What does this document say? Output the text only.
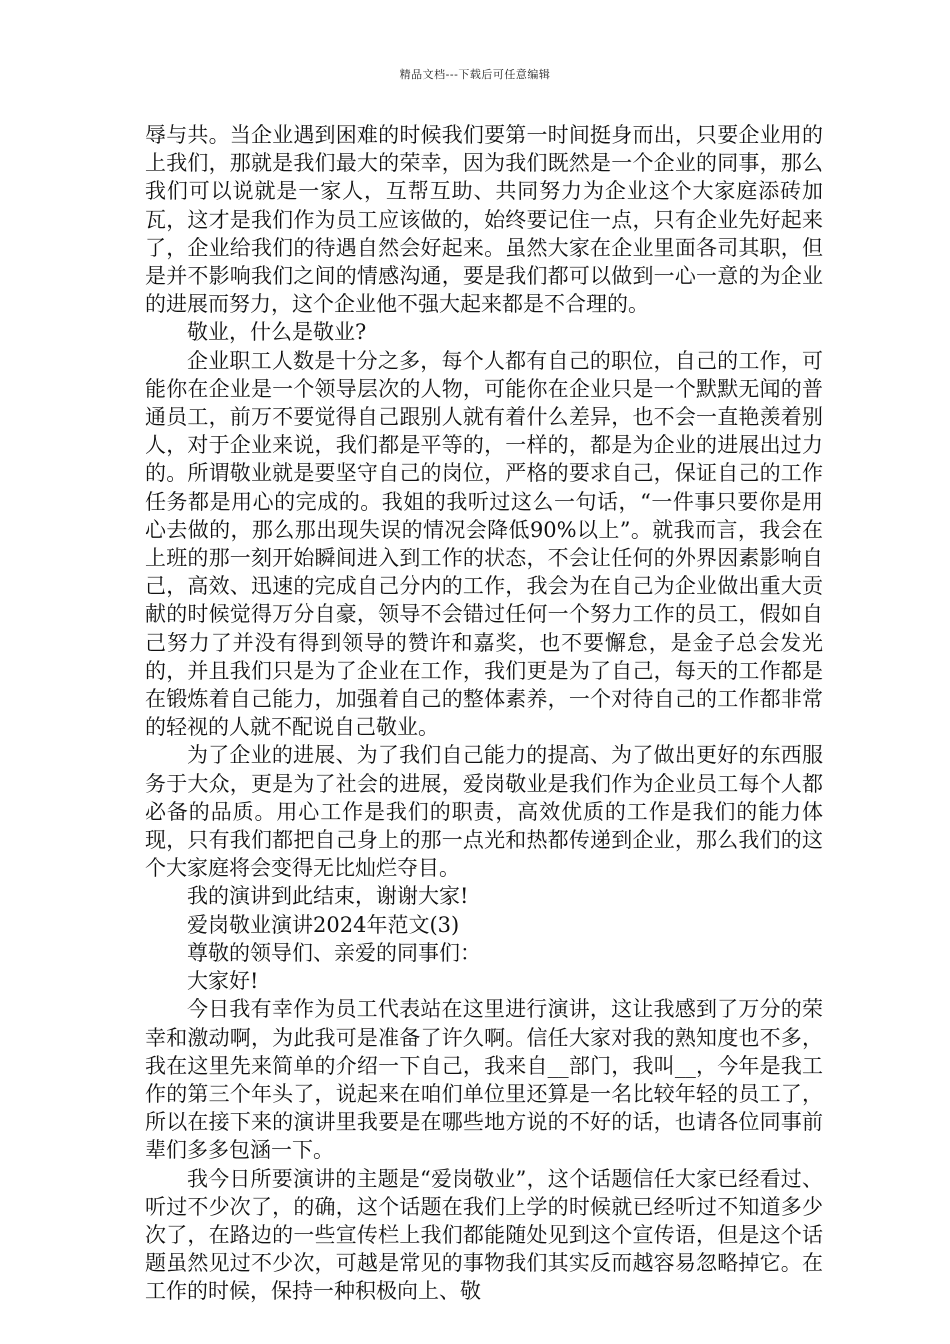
精品文档---下载后可任意编辑

辱与共。当企业遇到困难的时候我们要第一时间挺身而出，只要企业用的上我们，那就是我们最大的荣幸，因为我们既然是一个企业的同事，那么我们可以说就是一家人，互帮互助、共同努力为企业这个大家庭添砖加瓦，这才是我们作为员工应该做的，始终要记住一点，只有企业先好起来了，企业给我们的待遇自然会好起来。虽然大家在企业里面各司其职，但是并不影响我们之间的情感沟通，要是我们都可以做到一心一意的为企业的进展而努力，这个企业他不强大起来都是不合理的。

敬业，什么是敬业?

企业职工人数是十分之多，每个人都有自己的职位，自己的工作，可能你在企业是一个领导层次的人物，可能你在企业只是一个默默无闻的普通员工，前万不要觉得自己跟别人就有着什么差异，也不会一直艳羡着别人，对于企业来说，我们都是平等的，一样的，都是为企业的进展出过力的。所谓敬业就是要坚守自己的岗位，严格的要求自己，保证自己的工作任务都是用心的完成的。我姐的我听过这么一句话，“一件事只要你是用心去做的，那么那出现失误的情况会降低90%以上”。就我而言，我会在上班的那一刻开始瞬间进入到工作的状态，不会让任何的外界因素影响自己，高效、迅速的完成自己分内的工作，我会为在自己为企业做出重大贡献的时候觉得万分自豪，领导不会错过任何一个努力工作的员工，假如自己努力了并没有得到领导的赞许和嘉奖，也不要懈怠，是金子总会发光的，并且我们只是为了企业在工作，我们更是为了自己，每天的工作都是在锻炼着自己能力，加强着自己的整体素养，一个对待自己的工作都非常的轻视的人就不配说自己敬业。

为了企业的进展、为了我们自己能力的提高、为了做出更好的东西服务于大众，更是为了社会的进展，爱岗敬业是我们作为企业员工每个人都必备的品质。用心工作是我们的职责，高效优质的工作是我们的能力体现，只有我们都把自己身上的那一点光和热都传递到企业，那么我们的这个大家庭将会变得无比灿烂夺目。

我的演讲到此结束，谢谢大家!

爱岗敬业演讲2024年范文(3)

尊敬的领导们、亲爱的同事们：

大家好!

今日我有幸作为员工代表站在这里进行演讲，这让我感到了万分的荣幸和激动啊，为此我可是准备了许久啊。信任大家对我的熟知度也不多，我在这里先来简单的介绍一下自己，我来自__部门，我叫__，今年是我工作的第三个年头了，说起来在咱们单位里还算是一名比较年轻的员工了，所以在接下来的演讲里我要是在哪些地方说的不好的话，也请各位同事前辈们多多包涵一下。

我今日所要演讲的主题是“爱岗敬业”，这个话题信任大家已经看过、听过不少次了，的确，这个话题在我们上学的时候就已经听过不知道多少次了，在路边的一些宣传栏上我们都能随处见到这个宣传语，但是这个话题虽然见过不少次，可越是常见的事物我们其实反而越容易忽略掉它。在工作的时候，保持一种积极向上、敬
